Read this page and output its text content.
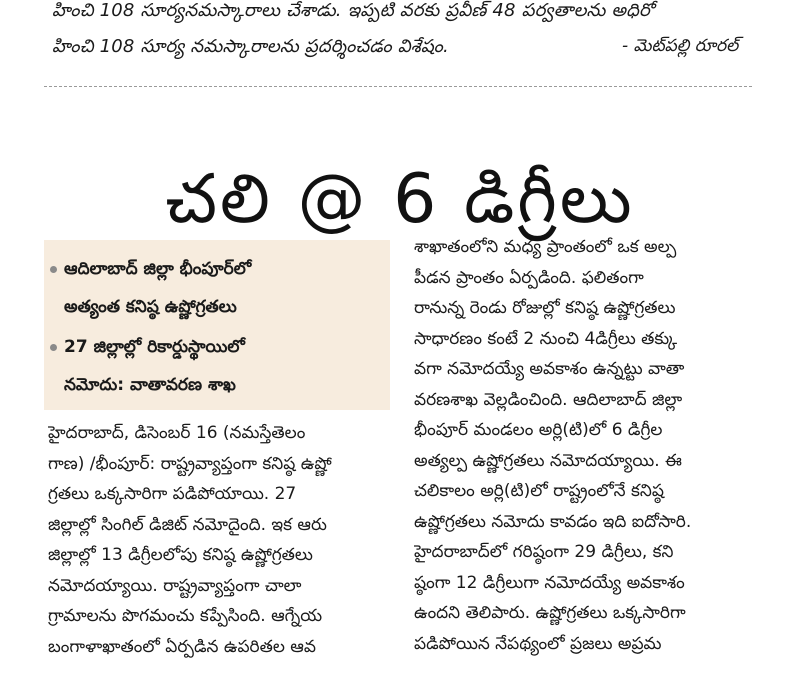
హించి 108 సూర్యనమస్కారాలు చేశాడు. ఇప్పటి వరకు ప్రవీణ్ 48 పర్వతాలను అధిరో
హించి 108 సూర్య నమస్కారాలను ప్రదర్శించడం విశేషం.	- మెట్‌పల్లి రూరల్
చలి @ 6 డిగ్రీలు
ఆదిలాబాద్ జిల్లా భీంపూర్‌లో
అత్యంత కనిష్ఠ ఉష్ణోగ్రతలు
27 జిల్లాల్లో రికార్డుస్థాయిలో
నమోదు: వాతావరణ శాఖ
హైదరాబాద్, డిసెంబర్ 16 (నమస్తేతెలం
గాణ) /భీంపూర్: రాష్ట్రవ్యాప్తంగా కనిష్ఠ ఉష్ణో
గ్రతలు ఒక్కసారిగా పడిపోయాయి. 27
జిల్లాల్లో సింగిల్ డిజిట్ నమోదైంది. ఇక ఆరు
జిల్లాల్లో 13 డిగ్రీలలోపు కనిష్ఠ ఉష్ణోగ్రతలు
నమోదయ్యాయి. రాష్ట్రవ్యాప్తంగా చాలా
గ్రామాలను పొగమంచు కప్పేసింది. ఆగ్నేయ
బంగాళాఖాతంలో ఏర్పడిన ఉపరితల ఆవ
శాఖాతంలోని మధ్య ప్రాంతంలో ఒక అల్ప
పీడన ప్రాంతం ఏర్పడింది. ఫలితంగా
రానున్న రెండు రోజుల్లో కనిష్ఠ ఉష్ణోగ్రతలు
సాధారణం కంటే 2 నుంచి 4డిగ్రీలు తక్కు
వగా నమోదయ్యే అవకాశం ఉన్నట్టు వాతా
వరణశాఖ వెల్లడించింది. ఆదిలాబాద్ జిల్లా
భీంపూర్ మండలం అర్లి(టి)లో 6 డిగ్రీల
అత్యల్ప ఉష్ణోగ్రతలు నమోదయ్యాయి. ఈ
చలికాలం అర్లి(టి)లో రాష్ట్రంలోనే కనిష్ఠ
ఉష్ణోగ్రతలు నమోదు కావడం ఇది ఐదోసారి.
హైదరాబాద్‌లో గరిష్ఠంగా 29 డిగ్రీలు, కని
ష్ఠంగా 12 డిగ్రీలుగా నమోదయ్యే అవకాశం
ఉందని తెలిపారు. ఉష్ణోగ్రతలు ఒక్కసారిగా
పడిపోయిన నేపథ్యంలో ప్రజలు అప్రమ
